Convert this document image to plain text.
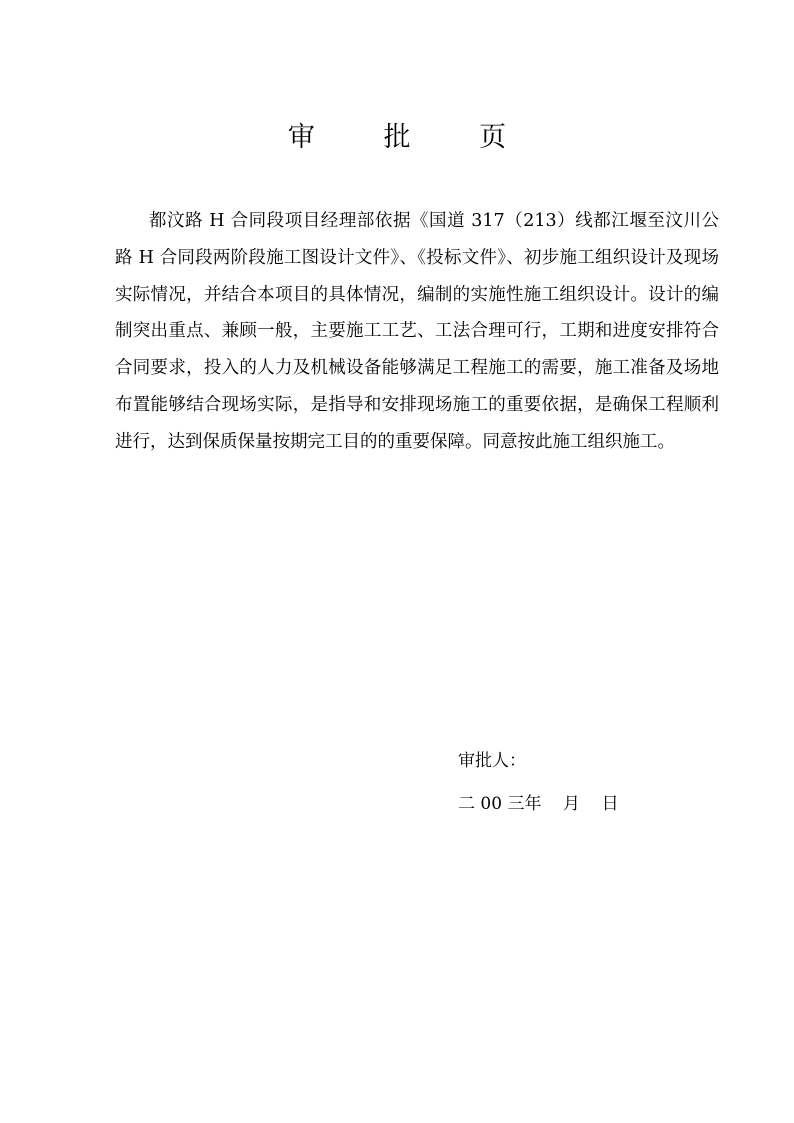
审 批 页
都汶路 H 合同段项目经理部依据《国道 317（213）线都江堰至汶川公路 H 合同段两阶段施工图设计文件》、《投标文件》、初步施工组织设计及现场实际情况，并结合本项目的具体情况，编制的实施性施工组织设计。设计的编制突出重点、兼顾一般，主要施工工艺、工法合理可行，工期和进度安排符合合同要求，投入的人力及机械设备能够满足工程施工的需要，施工准备及场地布置能够结合现场实际，是指导和安排现场施工的重要依据，是确保工程顺利进行，达到保质保量按期完工目的的重要保障。同意按此施工组织施工。
审批人：
二 00 三年    月    日
